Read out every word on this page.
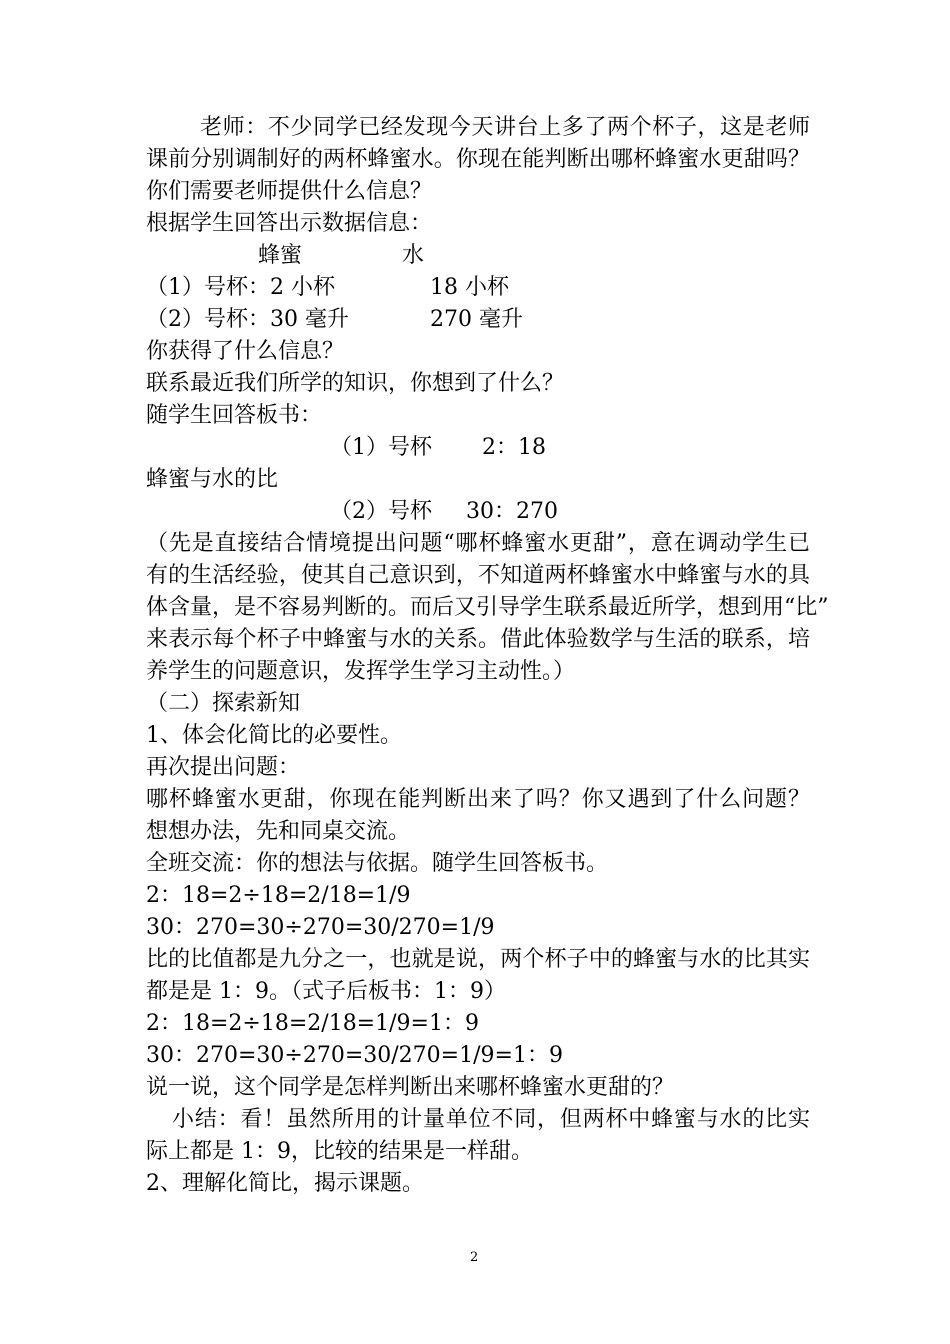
老师：不少同学已经发现今天讲台上多了两个杯子，这是老师
课前分别调制好的两杯蜂蜜水。你现在能判断出哪杯蜂蜜水更甜吗？
你们需要老师提供什么信息？
根据学生回答出示数据信息：
蜂蜜	水
（1）号杯：2 小杯	18 小杯
（2）号杯：30 毫升	270 毫升
你获得了什么信息？
联系最近我们所学的知识，你想到了什么？
随学生回答板书：
（1）号杯 2：18
蜂蜜与水的比
（2）号杯 30：270
（先是直接结合情境提出问题“哪杯蜂蜜水更甜”，意在调动学生已
有的生活经验，使其自己意识到，不知道两杯蜂蜜水中蜂蜜与水的具
体含量，是不容易判断的。而后又引导学生联系最近所学，想到用“比”
来表示每个杯子中蜂蜜与水的关系。借此体验数学与生活的联系，培
养学生的问题意识，发挥学生学习主动性。）
（二）探索新知
1、体会化简比的必要性。
再次提出问题：
哪杯蜂蜜水更甜，你现在能判断出来了吗？你又遇到了什么问题？
想想办法，先和同桌交流。
全班交流：你的想法与依据。随学生回答板书。
2：18=2÷18=2/18=1/9
30：270=30÷270=30/270=1/9
比的比值都是九分之一，也就是说，两个杯子中的蜂蜜与水的比其实
都是是 1：9。（式子后板书：1：9）
2：18=2÷18=2/18=1/9=1：9
30：270=30÷270=30/270=1/9=1：9
说一说，这个同学是怎样判断出来哪杯蜂蜜水更甜的？
小结：看！虽然所用的计量单位不同，但两杯中蜂蜜与水的比实
际上都是 1：9，比较的结果是一样甜。
2、理解化简比，揭示课题。
2
